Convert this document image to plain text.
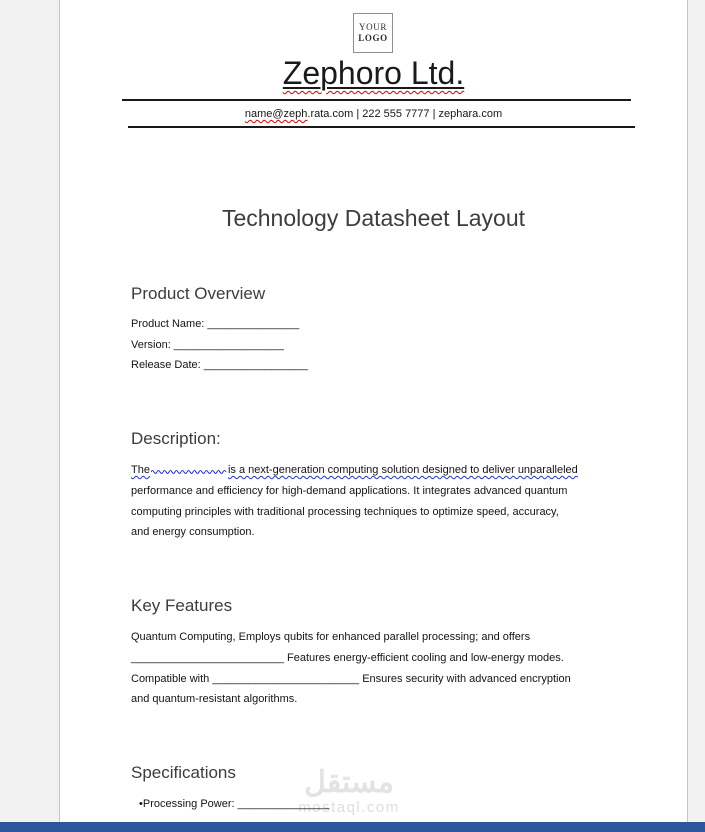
مستقل
mostaql.com
YOUR
LOGO
Zephoro Ltd.
name@zeph.rata.com | 222 555 7777 | zephara.com
Technology Datasheet Layout
Product Overview
Product Name: _______________
Version: __________________
Release Date: _________________
Description:
The	is a next-generation computing solution designed to deliver unparalleled
performance and efficiency for high-demand applications. It integrates advanced quantum
computing principles with traditional processing techniques to optimize speed, accuracy,
and energy consumption.
Key Features
Quantum Computing, Employs qubits for enhanced parallel processing; and offers
_________________________ Features energy-efficient cooling and low-energy modes.
Compatible with ________________________ Ensures security with advanced encryption
and quantum-resistant algorithms.
Specifications
•Processing Power: _______________
